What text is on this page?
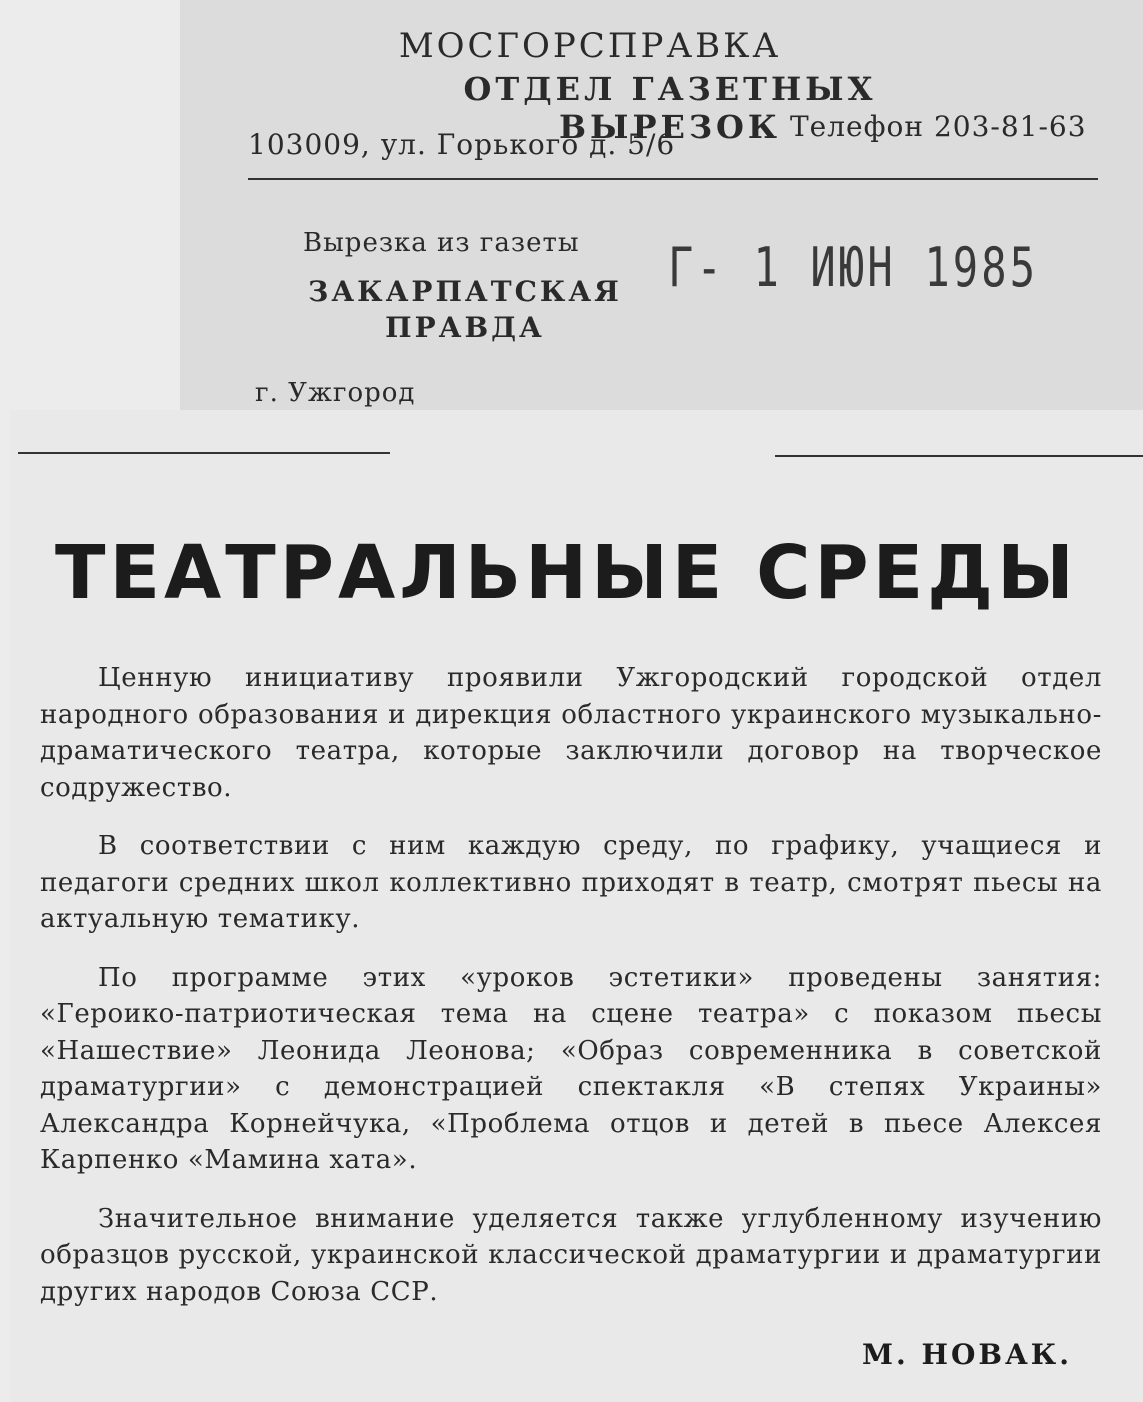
МОСГОРСПРАВКА
ОТДЕЛ ГАЗЕТНЫХ ВЫРЕЗОК
103009, ул. Горького д. 5/6
Телефон 203-81-63
Вырезка из газеты
ЗАКАРПАТСКАЯ
ПРАВДА
г. Ужгород
Г- 1 ИЮН 1985
ТЕАТРАЛЬНЫЕ СРЕДЫ

Ценную инициативу проявили Ужгородский городской отдел народного образования и дирекция областного украинского музыкально-драматического театра, которые заключили договор на творческое содружество.

В соответствии с ним каждую среду, по графику, учащиеся и педагоги средних школ коллективно приходят в театр, смотрят пьесы на актуальную тематику.

По программе этих «уроков эстетики» проведены занятия: «Героико-патриотическая тема на сцене театра» с показом пьесы «Нашествие» Леонида Леонова; «Образ современника в советской драматургии» с демонстрацией спектакля «В степях Украины» Александра Корнейчука, «Проблема отцов и детей в пьесе Алексея Карпенко «Мамина хата».

Значительное внимание уделяется также углубленному изучению образцов русской, украинской классической драматургии и драматургии других народов Союза ССР.

М. НОВАК.
